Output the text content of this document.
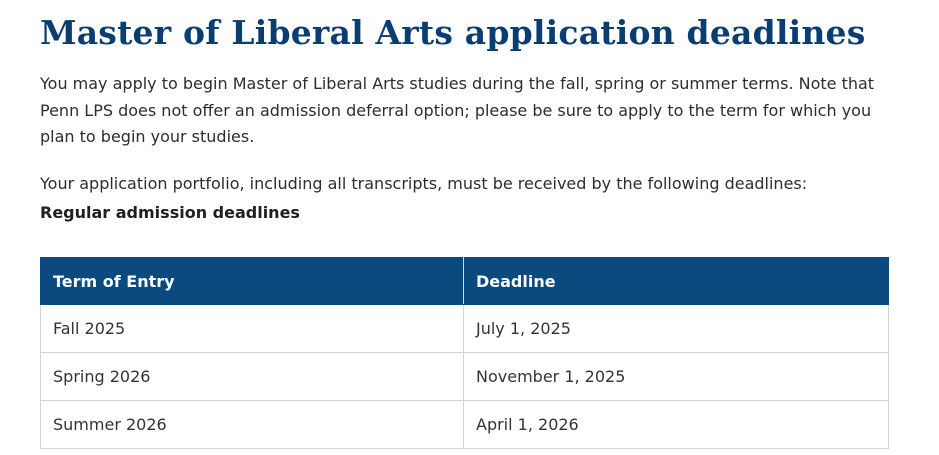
Master of Liberal Arts application deadlines

You may apply to begin Master of Liberal Arts studies during the fall, spring or summer terms. Note that Penn LPS does not offer an admission deferral option; please be sure to apply to the term for which you plan to begin your studies.

Your application portfolio, including all transcripts, must be received by the following deadlines:

Regular admission deadlines

Term of Entry	Deadline
Fall 2025	July 1, 2025
Spring 2026	November 1, 2025
Summer 2026	April 1, 2026
